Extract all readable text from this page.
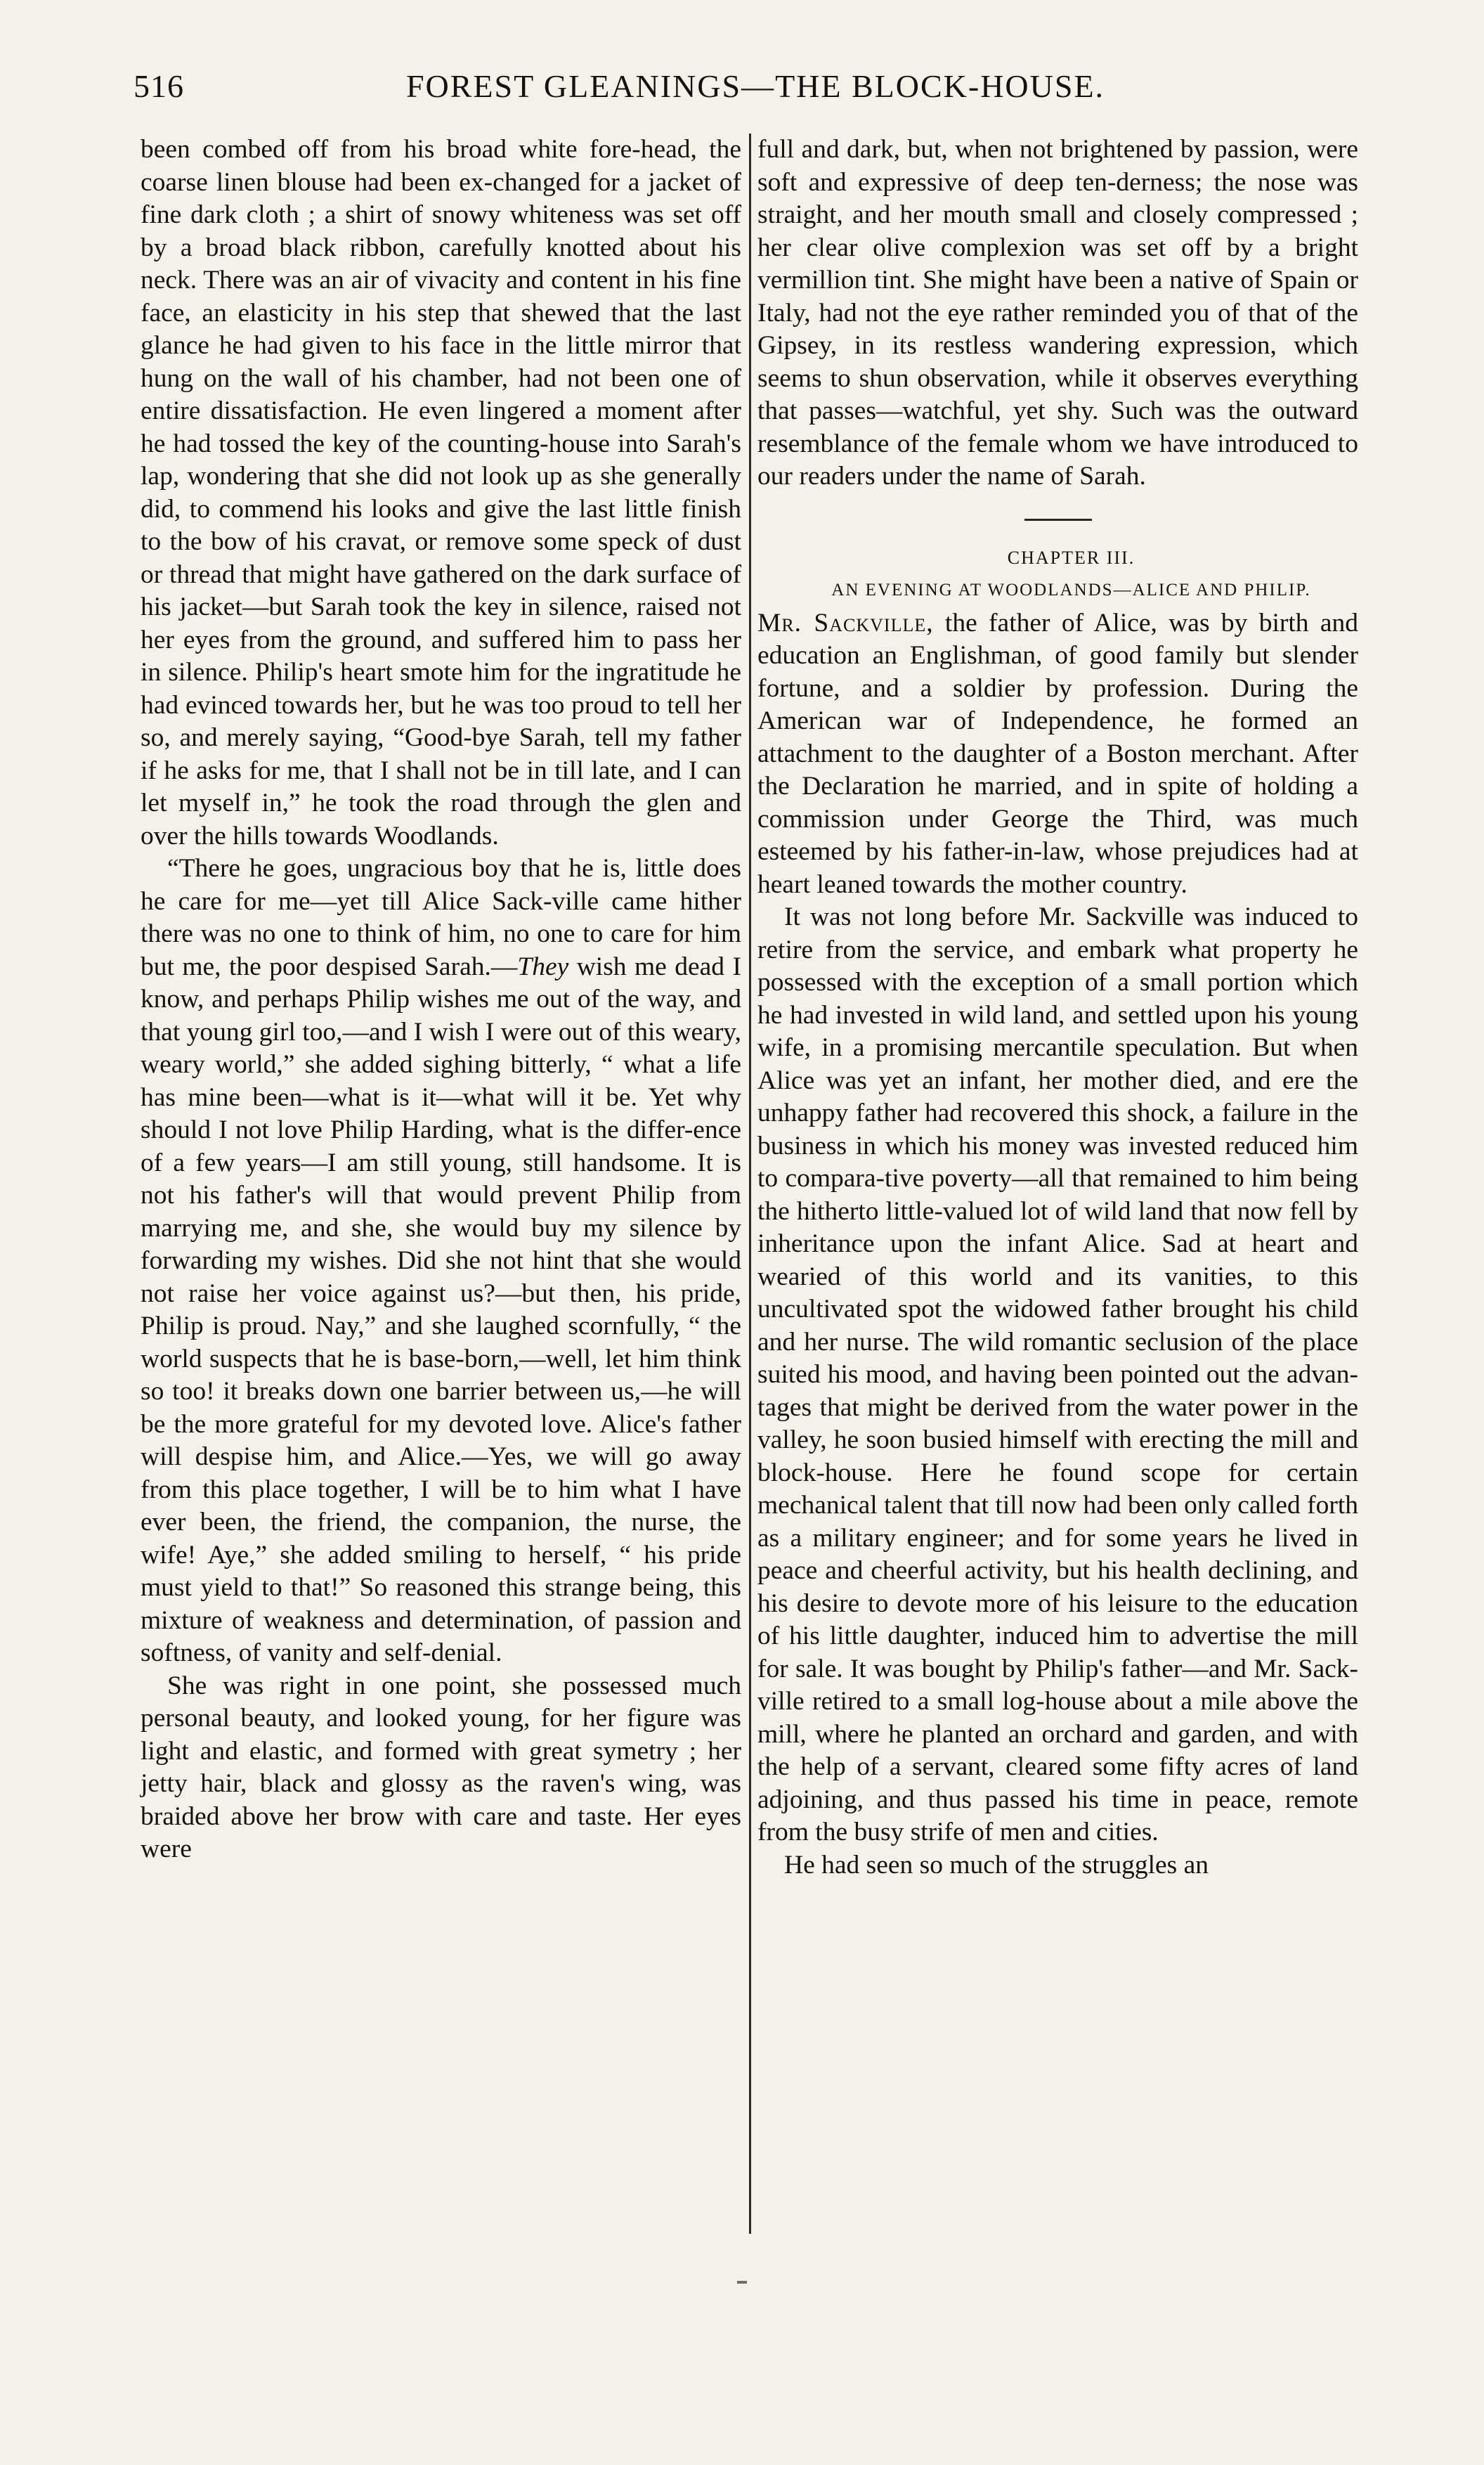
516	FOREST GLEANINGS—THE BLOCK-HOUSE.

been combed off from his broad white fore-head, the coarse linen blouse had been ex-changed for a jacket of fine dark cloth ; a shirt of snowy whiteness was set off by a broad black ribbon, carefully knotted about his neck. There was an air of vivacity and content in his fine face, an elasticity in his step that shewed that the last glance he had given to his face in the little mirror that hung on the wall of his chamber, had not been one of entire dissatisfaction. He even lingered a moment after he had tossed the key of the counting-house into Sarah's lap, wondering that she did not look up as she generally did, to commend his looks and give the last little finish to the bow of his cravat, or remove some speck of dust or thread that might have gathered on the dark surface of his jacket—but Sarah took the key in silence, raised not her eyes from the ground, and suffered him to pass her in silence. Philip's heart smote him for the ingratitude he had evinced towards her, but he was too proud to tell her so, and merely saying, “Good-bye Sarah, tell my father if he asks for me, that I shall not be in till late, and I can let myself in,” he took the road through the glen and over the hills towards Woodlands.

“There he goes, ungracious boy that he is, little does he care for me—yet till Alice Sack-ville came hither there was no one to think of him, no one to care for him but me, the poor despised Sarah.—They wish me dead I know, and perhaps Philip wishes me out of the way, and that young girl too,—and I wish I were out of this weary, weary world,” she added sighing bitterly, “ what a life has mine been—what is it—what will it be. Yet why should I not love Philip Harding, what is the differ-ence of a few years—I am still young, still handsome. It is not his father's will that would prevent Philip from marrying me, and she, she would buy my silence by forwarding my wishes. Did she not hint that she would not raise her voice against us?—but then, his pride, Philip is proud. Nay,” and she laughed scornfully, “ the world suspects that he is base-born,—well, let him think so too! it breaks down one barrier between us,—he will be the more grateful for my devoted love. Alice's father will despise him, and Alice.—Yes, we will go away from this place together, I will be to him what I have ever been, the friend, the companion, the nurse, the wife! Aye,” she added smiling to herself, “ his pride must yield to that!” So reasoned this strange being, this mixture of weakness and determination, of passion and softness, of vanity and self-denial.

She was right in one point, she possessed much personal beauty, and looked young, for her figure was light and elastic, and formed with great symetry ; her jetty hair, black and glossy as the raven's wing, was braided above her brow with care and taste. Her eyes were

full and dark, but, when not brightened by passion, were soft and expressive of deep ten-derness; the nose was straight, and her mouth small and closely compressed ; her clear olive complexion was set off by a bright vermillion tint. She might have been a native of Spain or Italy, had not the eye rather reminded you of that of the Gipsey, in its restless wandering expression, which seems to shun observation, while it observes everything that passes—watchful, yet shy. Such was the outward resemblance of the female whom we have introduced to our readers under the name of Sarah.

CHAPTER III.

AN EVENING AT WOODLANDS—ALICE AND PHILIP.

Mr. Sackville, the father of Alice, was by birth and education an Englishman, of good family but slender fortune, and a soldier by profession. During the American war of Independence, he formed an attachment to the daughter of a Boston merchant. After the Declaration he married, and in spite of holding a commission under George the Third, was much esteemed by his father-in-law, whose prejudices had at heart leaned towards the mother country.

It was not long before Mr. Sackville was induced to retire from the service, and embark what property he possessed with the exception of a small portion which he had invested in wild land, and settled upon his young wife, in a promising mercantile speculation. But when Alice was yet an infant, her mother died, and ere the unhappy father had recovered this shock, a failure in the business in which his money was invested reduced him to compara-tive poverty—all that remained to him being the hitherto little-valued lot of wild land that now fell by inheritance upon the infant Alice. Sad at heart and wearied of this world and its vanities, to this uncultivated spot the widowed father brought his child and her nurse. The wild romantic seclusion of the place suited his mood, and having been pointed out the advan-tages that might be derived from the water power in the valley, he soon busied himself with erecting the mill and block-house. Here he found scope for certain mechanical talent that till now had been only called forth as a military engineer; and for some years he lived in peace and cheerful activity, but his health declining, and his desire to devote more of his leisure to the education of his little daughter, induced him to advertise the mill for sale. It was bought by Philip's father—and Mr. Sack-ville retired to a small log-house about a mile above the mill, where he planted an orchard and garden, and with the help of a servant, cleared some fifty acres of land adjoining, and thus passed his time in peace, remote from the busy strife of men and cities.

He had seen so much of the struggles an
